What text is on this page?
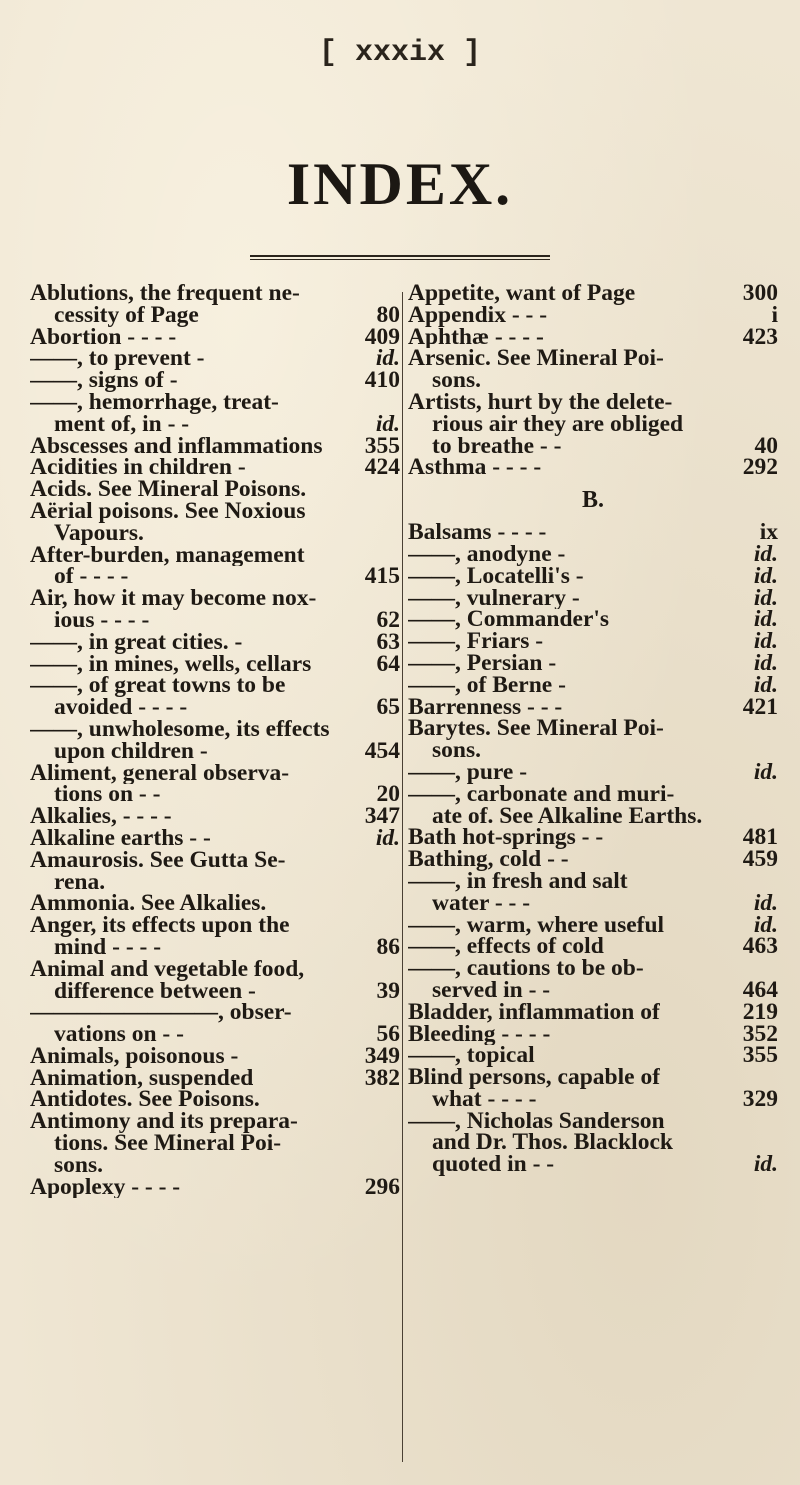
[ xxxix ]
INDEX.
Ablutions, the frequent ne-
cessity of Page	80
Abortion - - - -	409
——, to prevent -	id.
——, signs of -	410
——, hemorrhage, treat-
ment of, in - -	id.
Abscesses and inflammations 355
Acidities in children -	424
Acids. See Mineral Poisons.
Aërial poisons. See Noxious
Vapours.
After-burden, management
of - - - -	415
Air, how it may become nox-
ious - - - -	62
——, in great cities. -	63
——, in mines, wells, cellars	64
——, of great towns to be
avoided - - - -	65
——, unwholesome, its effects
upon children -	454
Aliment, general observa-
tions on - -	20
Alkalies, - - - -	347
Alkaline earths - -	id.
Amaurosis. See Gutta Se-
rena.
Ammonia. See Alkalies.
Anger, its effects upon the
mind - - - -	86
Animal and vegetable food,
difference between -	39
————————, obser-
vations on - -	56
Animals, poisonous -	349
Animation, suspended	382
Antidotes. See Poisons.
Antimony and its prepara-
tions. See Mineral Poi-
sons.
Apoplexy - - - -	296
Appetite, want of Page	300
Appendix - - -	i
Aphthæ - - - -	423
Arsenic. See Mineral Poi-
sons.
Artists, hurt by the delete-
rious air they are obliged
to breathe - -	40
Asthma - - - -	292
B.
Balsams - - - -	ix
——, anodyne -	id.
——, Locatelli's -	id.
——, vulnerary -	id.
——, Commander's	id.
——, Friars -	id.
——, Persian -	id.
——, of Berne -	id.
Barrenness - - -	421
Barytes. See Mineral Poi-
sons.
——, pure -	id.
——, carbonate and muri-
ate of. See Alkaline Earths.
Bath hot-springs - -	481
Bathing, cold - -	459
——, in fresh and salt
water - - -	id.
——, warm, where useful	id.
——, effects of cold	463
——, cautions to be ob-
served in - -	464
Bladder, inflammation of	219
Bleeding - - - -	352
——, topical	355
Blind persons, capable of
what - - - -	329
——, Nicholas Sanderson
and Dr. Thos. Blacklock
quoted in - -	id.
